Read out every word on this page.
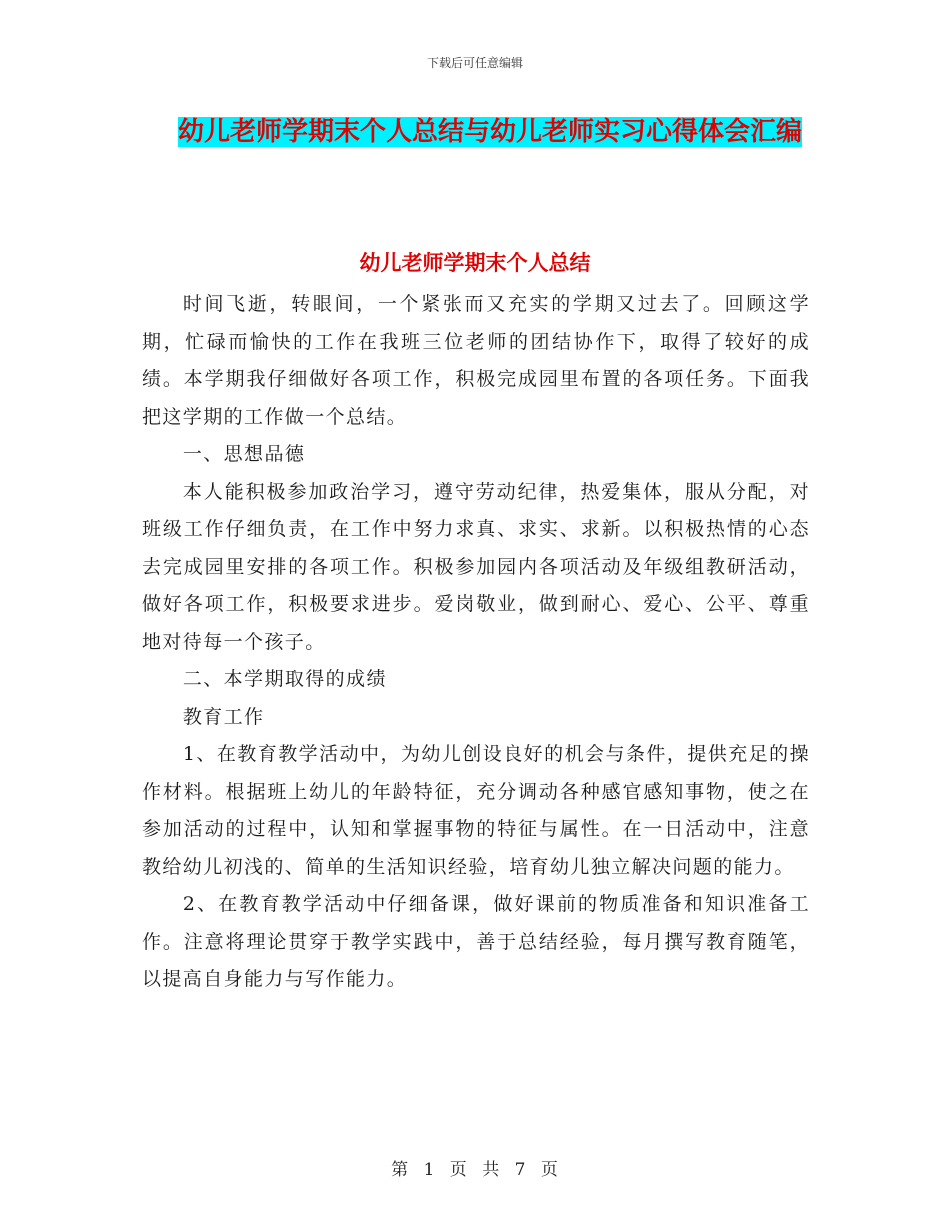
下载后可任意编辑
幼儿老师学期末个人总结与幼儿老师实习心得体会汇编
幼儿老师学期末个人总结

时间飞逝，转眼间，一个紧张而又充实的学期又过去了。回顾这学期，忙碌而愉快的工作在我班三位老师的团结协作下，取得了较好的成绩。本学期我仔细做好各项工作，积极完成园里布置的各项任务。下面我把这学期的工作做一个总结。

一、思想品德

本人能积极参加政治学习，遵守劳动纪律，热爱集体，服从分配，对班级工作仔细负责，在工作中努力求真、求实、求新。以积极热情的心态去完成园里安排的各项工作。积极参加园内各项活动及年级组教研活动，做好各项工作，积极要求进步。爱岗敬业，做到耐心、爱心、公平、尊重地对待每一个孩子。

二、本学期取得的成绩

教育工作

1、在教育教学活动中，为幼儿创设良好的机会与条件，提供充足的操作材料。根据班上幼儿的年龄特征，充分调动各种感官感知事物，使之在参加活动的过程中，认知和掌握事物的特征与属性。在一日活动中，注意教给幼儿初浅的、简单的生活知识经验，培育幼儿独立解决问题的能力。

2、在教育教学活动中仔细备课，做好课前的物质准备和知识准备工作。注意将理论贯穿于教学实践中，善于总结经验，每月撰写教育随笔，以提高自身能力与写作能力。

第 1 页 共 7 页
